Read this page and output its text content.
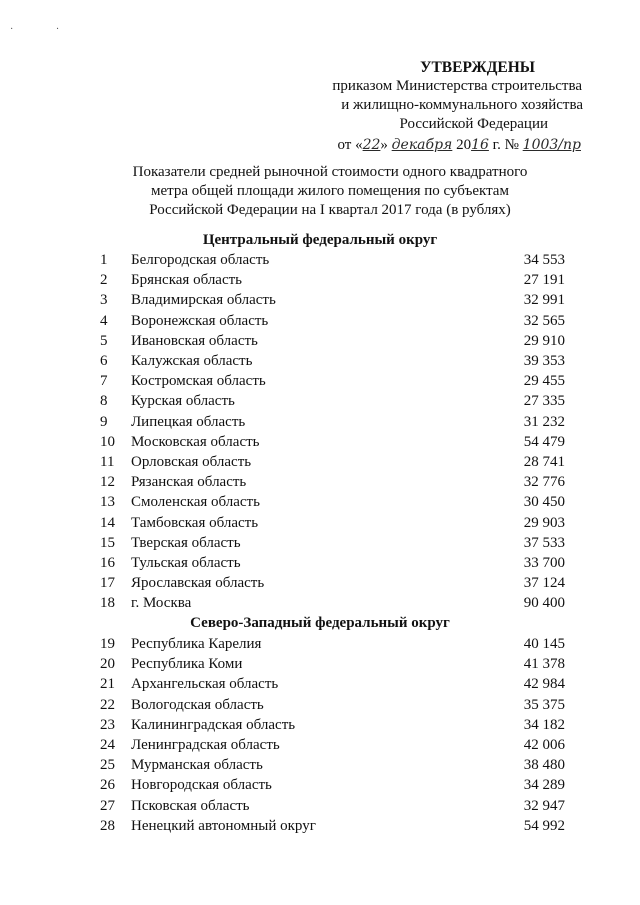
· ·
УТВЕРЖДЕНЫ
приказом Министерства строительства
и жилищно-коммунального хозяйства
Российской Федерации
от «22» декабря 2016 г. № 1003/пр
Показатели средней рыночной стоимости одного квадратного
метра общей площади жилого помещения по субъектам
Российской Федерации на I квартал 2017 года (в рублях)
Центральный федеральный округ
1	Белгородская область	34 553
2	Брянская область	27 191
3	Владимирская область	32 991
4	Воронежская область	32 565
5	Ивановская область	29 910
6	Калужская область	39 353
7	Костромская область	29 455
8	Курская область	27 335
9	Липецкая область	31 232
10	Московская область	54 479
11	Орловская область	28 741
12	Рязанская область	32 776
13	Смоленская область	30 450
14	Тамбовская область	29 903
15	Тверская область	37 533
16	Тульская область	33 700
17	Ярославская область	37 124
18	г. Москва	90 400
Северо-Западный федеральный округ
19	Республика Карелия	40 145
20	Республика Коми	41 378
21	Архангельская область	42 984
22	Вологодская область	35 375
23	Калининградская область	34 182
24	Ленинградская область	42 006
25	Мурманская область	38 480
26	Новгородская область	34 289
27	Псковская область	32 947
28	Ненецкий автономный округ	54 992
